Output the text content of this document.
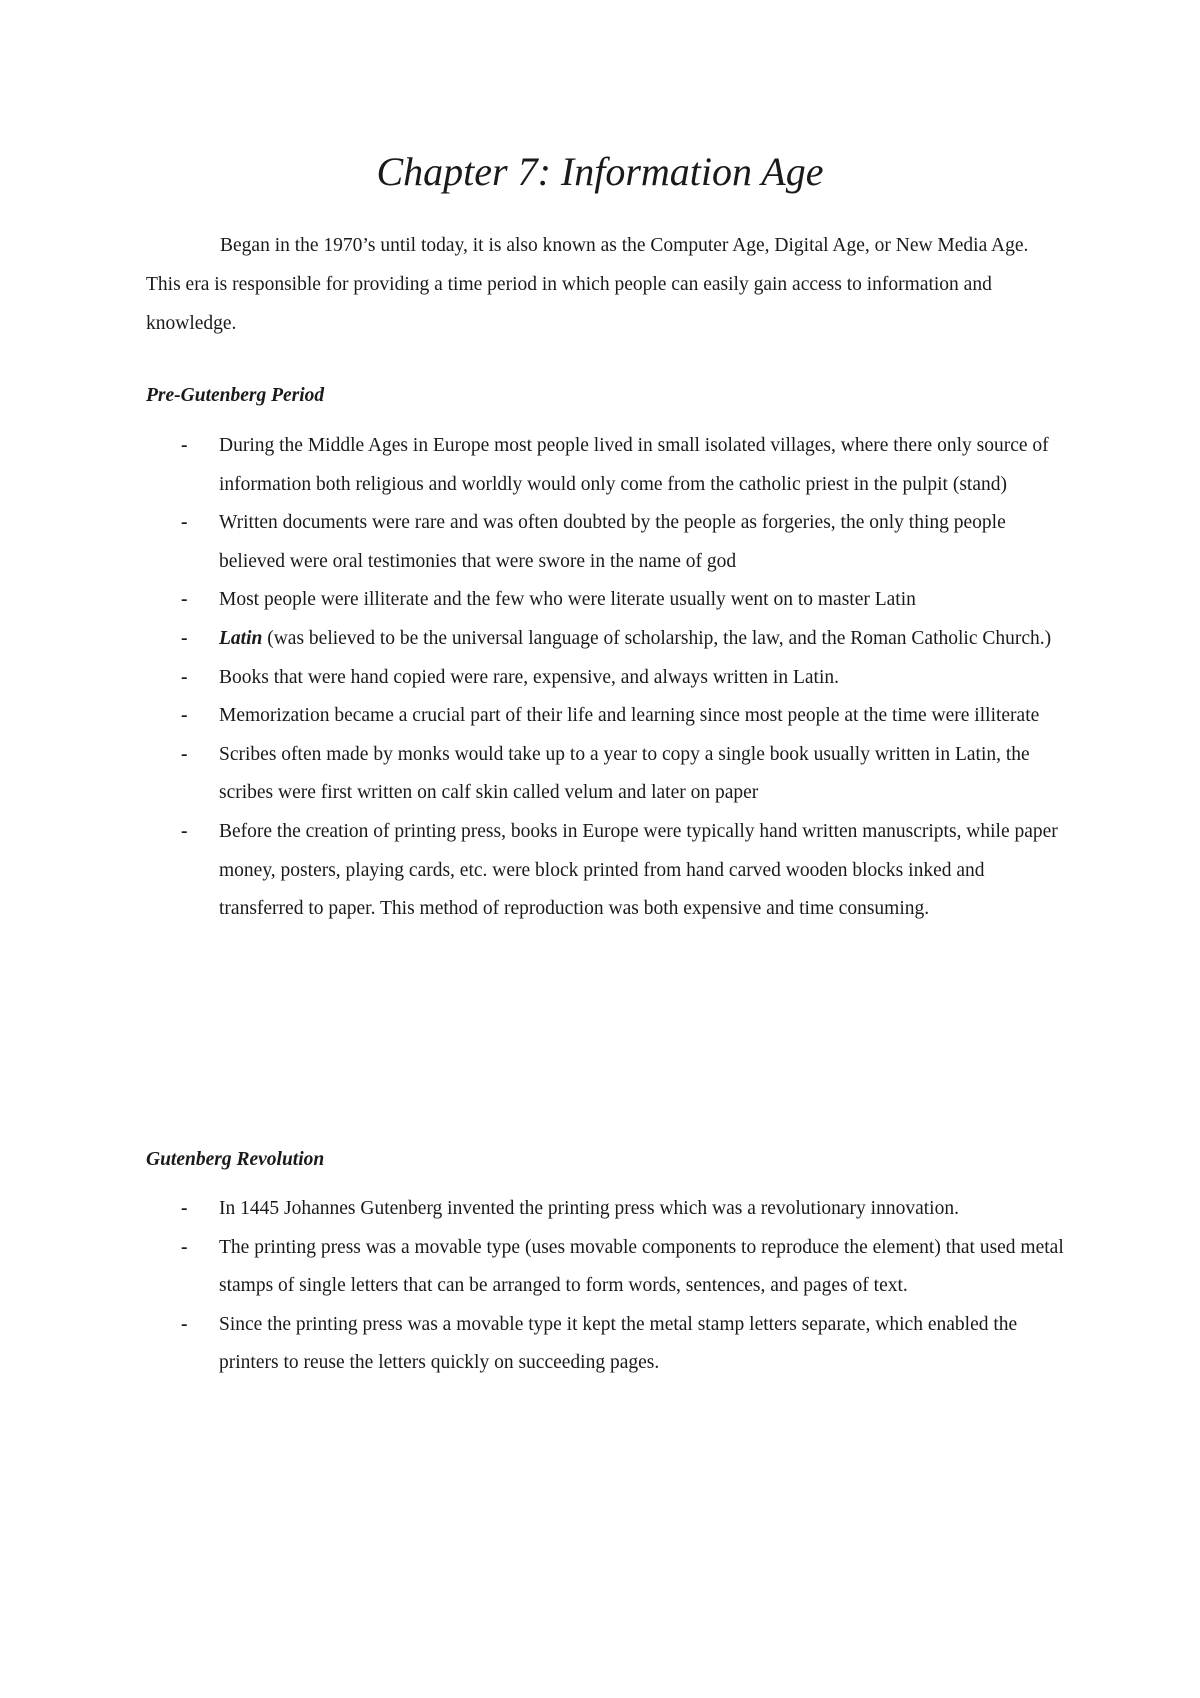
Chapter 7: Information Age

Began in the 1970’s until today, it is also known as the Computer Age, Digital Age, or New Media Age. This era is responsible for providing a time period in which people can easily gain access to information and knowledge.

Pre-Gutenberg Period
- During the Middle Ages in Europe most people lived in small isolated villages, where there only source of information both religious and worldly would only come from the catholic priest in the pulpit (stand)
- Written documents were rare and was often doubted by the people as forgeries, the only thing people believed were oral testimonies that were swore in the name of god
- Most people were illiterate and the few who were literate usually went on to master Latin
- Latin (was believed to be the universal language of scholarship, the law, and the Roman Catholic Church.)
- Books that were hand copied were rare, expensive, and always written in Latin.
- Memorization became a crucial part of their life and learning since most people at the time were illiterate
- Scribes often made by monks would take up to a year to copy a single book usually written in Latin, the scribes were first written on calf skin called velum and later on paper
- Before the creation of printing press, books in Europe were typically hand written manuscripts, while paper money, posters, playing cards, etc. were block printed from hand carved wooden blocks inked and transferred to paper. This method of reproduction was both expensive and time consuming.
Gutenberg Revolution
- In 1445 Johannes Gutenberg invented the printing press which was a revolutionary innovation.
- The printing press was a movable type (uses movable components to reproduce the element) that used metal stamps of single letters that can be arranged to form words, sentences, and pages of text.
- Since the printing press was a movable type it kept the metal stamp letters separate, which enabled the printers to reuse the letters quickly on succeeding pages.
